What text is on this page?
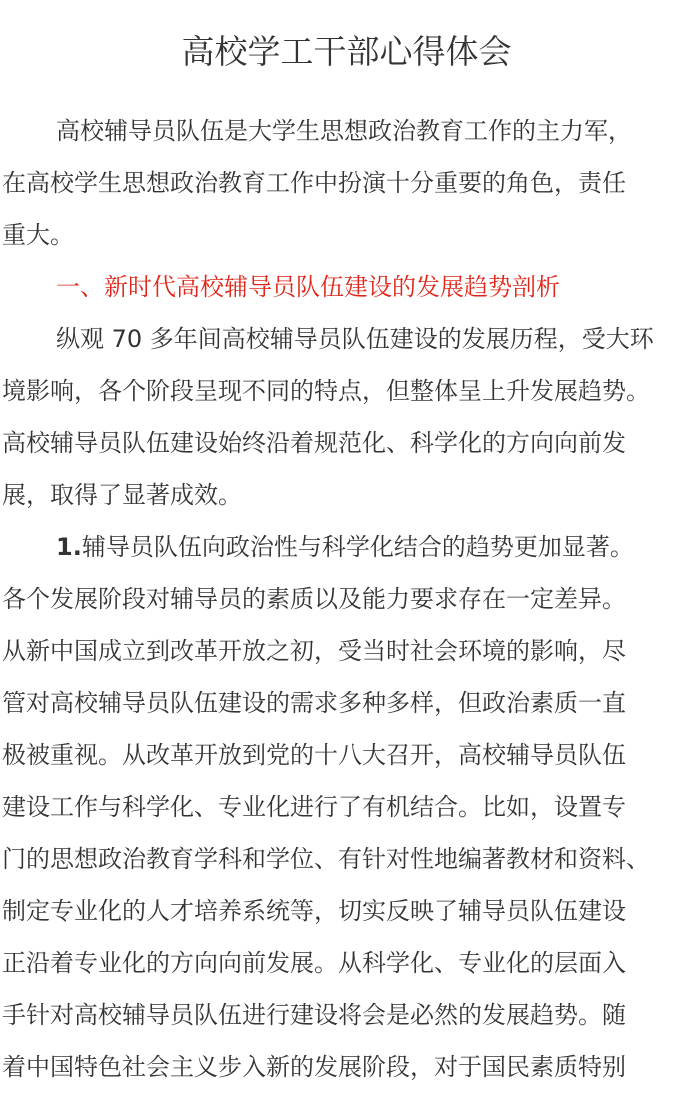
高校学工干部心得体会
高校辅导员队伍是大学生思想政治教育工作的主力军，
在高校学生思想政治教育工作中扮演十分重要的角色，责任
重大。
一、新时代高校辅导员队伍建设的发展趋势剖析
纵观 70 多年间高校辅导员队伍建设的发展历程，受大环
境影响，各个阶段呈现不同的特点，但整体呈上升发展趋势。
高校辅导员队伍建设始终沿着规范化、科学化的方向向前发
展，取得了显著成效。
1.辅导员队伍向政治性与科学化结合的趋势更加显著。
各个发展阶段对辅导员的素质以及能力要求存在一定差异。
从新中国成立到改革开放之初，受当时社会环境的影响，尽
管对高校辅导员队伍建设的需求多种多样，但政治素质一直
极被重视。从改革开放到党的十八大召开，高校辅导员队伍
建设工作与科学化、专业化进行了有机结合。比如，设置专
门的思想政治教育学科和学位、有针对性地编著教材和资料、
制定专业化的人才培养系统等，切实反映了辅导员队伍建设
正沿着专业化的方向向前发展。从科学化、专业化的层面入
手针对高校辅导员队伍进行建设将会是必然的发展趋势。随
着中国特色社会主义步入新的发展阶段，对于国民素质特别
